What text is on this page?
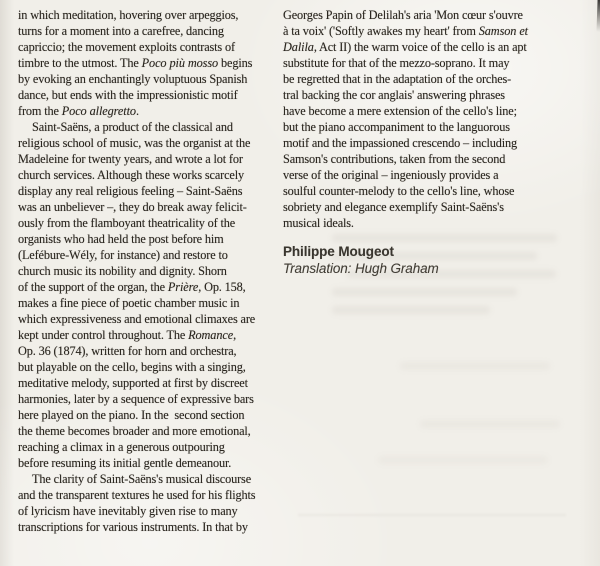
in which meditation, hovering over arpeggios,
turns for a moment into a carefree, dancing
capriccio; the movement exploits contrasts of
timbre to the utmost. The Poco più mosso begins
by evoking an enchantingly voluptuous Spanish
dance, but ends with the impressionistic motif
from the Poco allegretto.
Saint-Saëns, a product of the classical and
religious school of music, was the organist at the
Madeleine for twenty years, and wrote a lot for
church services. Although these works scarcely
display any real religious feeling – Saint-Saëns
was an unbeliever –, they do break away felicit-
ously from the flamboyant theatricality of the
organists who had held the post before him
(Lefébure-Wély, for instance) and restore to
church music its nobility and dignity. Shorn
of the support of the organ, the Prière, Op. 158,
makes a fine piece of poetic chamber music in
which expressiveness and emotional climaxes are
kept under control throughout. The Romance,
Op. 36 (1874), written for horn and orchestra,
but playable on the cello, begins with a singing,
meditative melody, supported at first by discreet
harmonies, later by a sequence of expressive bars
here played on the piano. In the  second section
the theme becomes broader and more emotional,
reaching a climax in a generous outpouring
before resuming its initial gentle demeanour.
The clarity of Saint-Saëns's musical discourse
and the transparent textures he used for his flights
of lyricism have inevitably given rise to many
transcriptions for various instruments. In that by
Georges Papin of Delilah's aria 'Mon cœur s'ouvre
à ta voix' ('Softly awakes my heart' from Samson et
Dalila, Act II) the warm voice of the cello is an apt
substitute for that of the mezzo-soprano. It may
be regretted that in the adaptation of the orches-
tral backing the cor anglais' answering phrases
have become a mere extension of the cello's line;
but the piano accompaniment to the languorous
motif and the impassioned crescendo – including
Samson's contributions, taken from the second
verse of the original – ingeniously provides a
soulful counter-melody to the cello's line, whose
sobriety and elegance exemplify Saint-Saëns's
musical ideals.
Philippe Mougeot
Translation: Hugh Graham
